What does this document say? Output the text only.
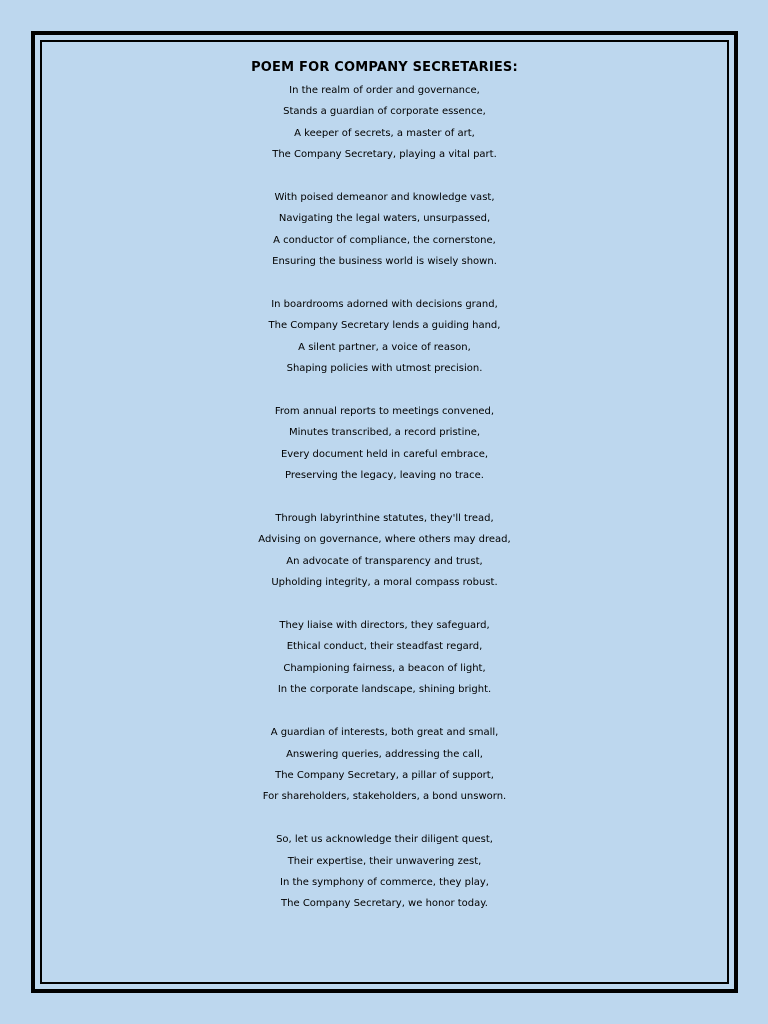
POEM FOR COMPANY SECRETARIES:
In the realm of order and governance,
Stands a guardian of corporate essence,
A keeper of secrets, a master of art,
The Company Secretary, playing a vital part.
With poised demeanor and knowledge vast,
Navigating the legal waters, unsurpassed,
A conductor of compliance, the cornerstone,
Ensuring the business world is wisely shown.
In boardrooms adorned with decisions grand,
The Company Secretary lends a guiding hand,
A silent partner, a voice of reason,
Shaping policies with utmost precision.
From annual reports to meetings convened,
Minutes transcribed, a record pristine,
Every document held in careful embrace,
Preserving the legacy, leaving no trace.
Through labyrinthine statutes, they'll tread,
Advising on governance, where others may dread,
An advocate of transparency and trust,
Upholding integrity, a moral compass robust.
They liaise with directors, they safeguard,
Ethical conduct, their steadfast regard,
Championing fairness, a beacon of light,
In the corporate landscape, shining bright.
A guardian of interests, both great and small,
Answering queries, addressing the call,
The Company Secretary, a pillar of support,
For shareholders, stakeholders, a bond unsworn.
So, let us acknowledge their diligent quest,
Their expertise, their unwavering zest,
In the symphony of commerce, they play,
The Company Secretary, we honor today.
